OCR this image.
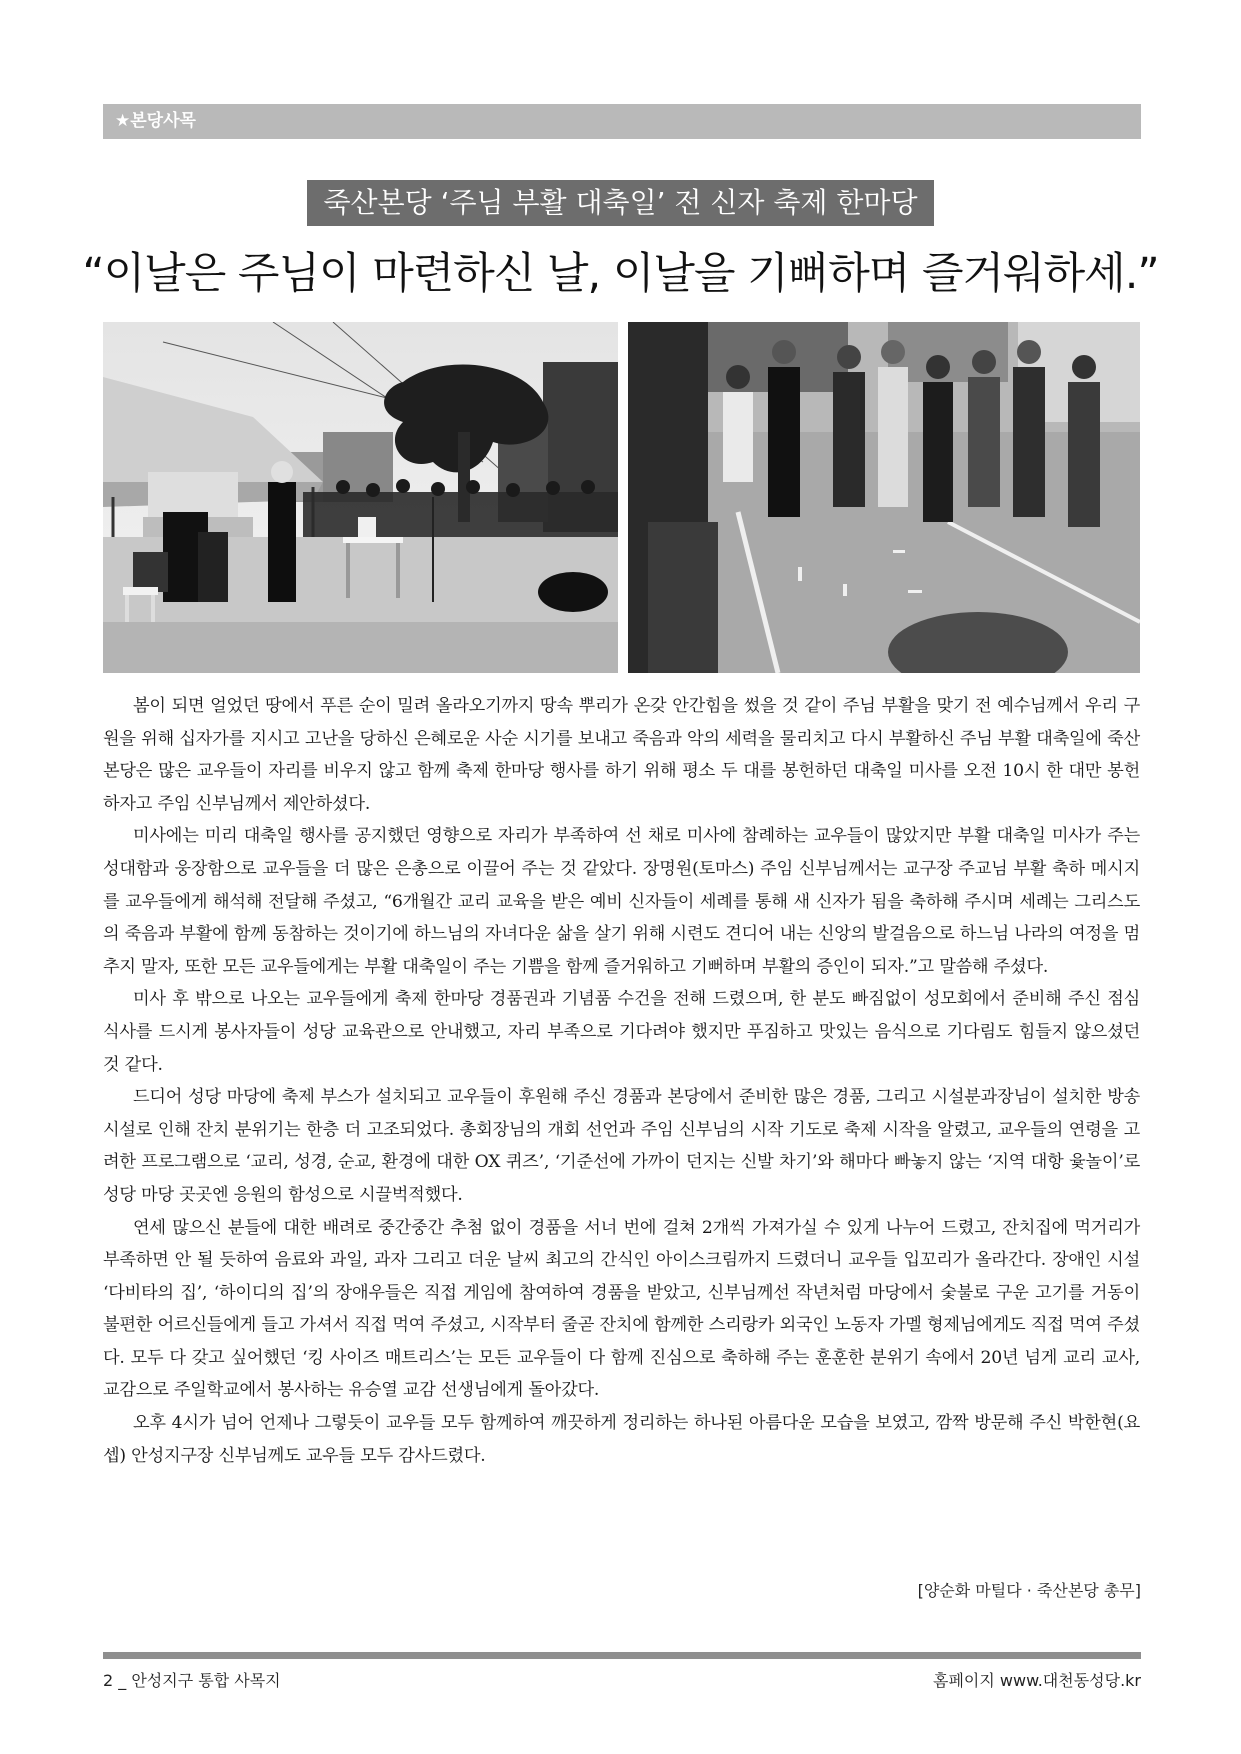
★본당사목
죽산본당 ‘주님 부활 대축일’ 전 신자 축제 한마당
“이날은 주님이 마련하신 날, 이날을 기뻐하며 즐거워하세.”

봄이 되면 얼었던 땅에서 푸른 순이 밀려 올라오기까지 땅속 뿌리가 온갖 안간힘을 썼을 것 같이 주님 부활을 맞기 전 예수님께서 우리 구원을 위해 십자가를 지시고 고난을 당하신 은혜로운 사순 시기를 보내고 죽음과 악의 세력을 물리치고 다시 부활하신 주님 부활 대축일에 죽산본당은 많은 교우들이 자리를 비우지 않고 함께 축제 한마당 행사를 하기 위해 평소 두 대를 봉헌하던 대축일 미사를 오전 10시 한 대만 봉헌하자고 주임 신부님께서 제안하셨다.

미사에는 미리 대축일 행사를 공지했던 영향으로 자리가 부족하여 선 채로 미사에 참례하는 교우들이 많았지만 부활 대축일 미사가 주는 성대함과 웅장함으로 교우들을 더 많은 은총으로 이끌어 주는 것 같았다. 장명원(토마스) 주임 신부님께서는 교구장 주교님 부활 축하 메시지를 교우들에게 해석해 전달해 주셨고, “6개월간 교리 교육을 받은 예비 신자들이 세례를 통해 새 신자가 됨을 축하해 주시며 세례는 그리스도의 죽음과 부활에 함께 동참하는 것이기에 하느님의 자녀다운 삶을 살기 위해 시련도 견디어 내는 신앙의 발걸음으로 하느님 나라의 여정을 멈추지 말자, 또한 모든 교우들에게는 부활 대축일이 주는 기쁨을 함께 즐거워하고 기뻐하며 부활의 증인이 되자.”고 말씀해 주셨다.

미사 후 밖으로 나오는 교우들에게 축제 한마당 경품권과 기념품 수건을 전해 드렸으며, 한 분도 빠짐없이 성모회에서 준비해 주신 점심 식사를 드시게 봉사자들이 성당 교육관으로 안내했고, 자리 부족으로 기다려야 했지만 푸짐하고 맛있는 음식으로 기다림도 힘들지 않으셨던 것 같다.

드디어 성당 마당에 축제 부스가 설치되고 교우들이 후원해 주신 경품과 본당에서 준비한 많은 경품, 그리고 시설분과장님이 설치한 방송 시설로 인해 잔치 분위기는 한층 더 고조되었다. 총회장님의 개회 선언과 주임 신부님의 시작 기도로 축제 시작을 알렸고, 교우들의 연령을 고려한 프로그램으로 ‘교리, 성경, 순교, 환경에 대한 OX 퀴즈’, ‘기준선에 가까이 던지는 신발 차기’와 해마다 빠놓지 않는 ‘지역 대항 윷놀이’로 성당 마당 곳곳엔 응원의 함성으로 시끌벅적했다.

연세 많으신 분들에 대한 배려로 중간중간 추첨 없이 경품을 서너 번에 걸쳐 2개씩 가져가실 수 있게 나누어 드렸고, 잔치집에 먹거리가 부족하면 안 될 듯하여 음료와 과일, 과자 그리고 더운 날씨 최고의 간식인 아이스크림까지 드렸더니 교우들 입꼬리가 올라간다. 장애인 시설 ‘다비타의 집’, ‘하이디의 집’의 장애우들은 직접 게임에 참여하여 경품을 받았고, 신부님께선 작년처럼 마당에서 숯불로 구운 고기를 거동이 불편한 어르신들에게 들고 가셔서 직접 먹여 주셨고, 시작부터 줄곧 잔치에 함께한 스리랑카 외국인 노동자 가멜 형제님에게도 직접 먹여 주셨다. 모두 다 갖고 싶어했던 ‘킹 사이즈 매트리스’는 모든 교우들이 다 함께 진심으로 축하해 주는 훈훈한 분위기 속에서 20년 넘게 교리 교사, 교감으로 주일학교에서 봉사하는 유승열 교감 선생님에게 돌아갔다.

오후 4시가 넘어 언제나 그렇듯이 교우들 모두 함께하여 깨끗하게 정리하는 하나된 아름다운 모습을 보였고, 깜짝 방문해 주신 박한현(요셉) 안성지구장 신부님께도 교우들 모두 감사드렸다.

[양순화 마틸다 · 죽산본당 총무]
2 _ 안성지구 통합 사목지	홈페이지 www.대천동성당.kr
